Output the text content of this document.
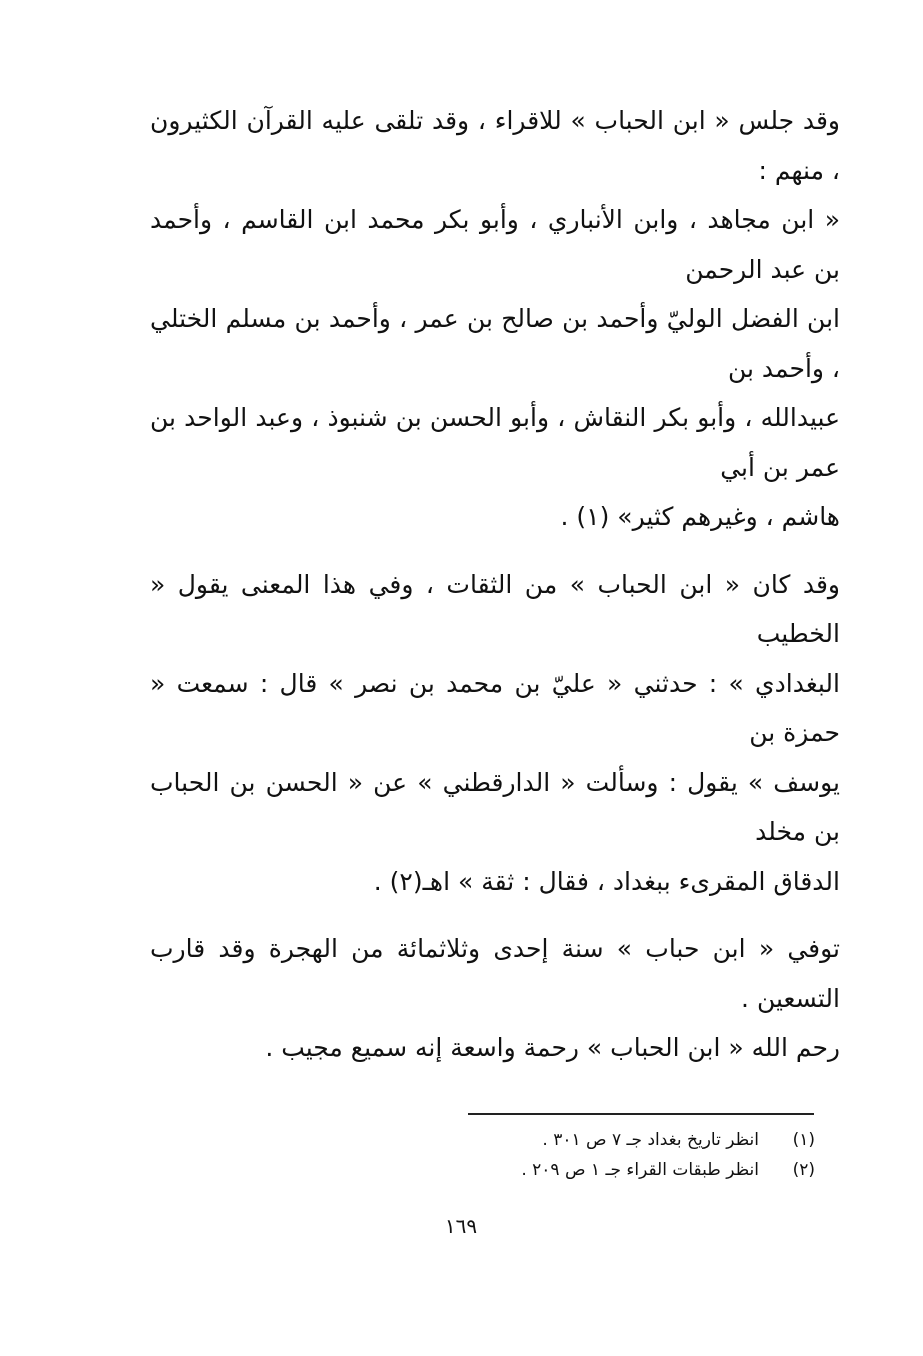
وقد جلس « ابن الحباب » للاقراء ، وقد تلقى عليه القرآن الكثيرون ، منهم :
« ابن مجاهد ، وابن الأنباري ، وأبو بكر محمد ابن القاسم ، وأحمد بن عبد الرحمن
ابن الفضل الوليّ وأحمد بن صالح بن عمر ، وأحمد بن مسلم الختلي ، وأحمد بن
عبيدالله ، وأبو بكر النقاش ، وأبو الحسن بن شنبوذ ، وعبد الواحد بن عمر بن أبي
هاشم ، وغيرهم كثير» (١) .

وقد كان « ابن الحباب » من الثقات ، وفي هذا المعنى يقول « الخطيب
البغدادي » : حدثني « عليّ بن محمد بن نصر » قال : سمعت « حمزة بن
يوسف » يقول : وسألت « الدارقطني » عن « الحسن بن الحباب بن مخلد
الدقاق المقرىء ببغداد ، فقال : ثقة » اهـ(٢) .

توفي « ابن حباب » سنة إحدى وثلاثمائة من الهجرة وقد قارب التسعين .
رحم الله « ابن الحباب » رحمة واسعة إنه سميع مجيب .

(١)
انظر تاريخ بغداد جـ ٧ ص ٣٠١ .
(٢)
انظر طبقات القراء جـ ١ ص ٢٠٩ .
١٦٩
